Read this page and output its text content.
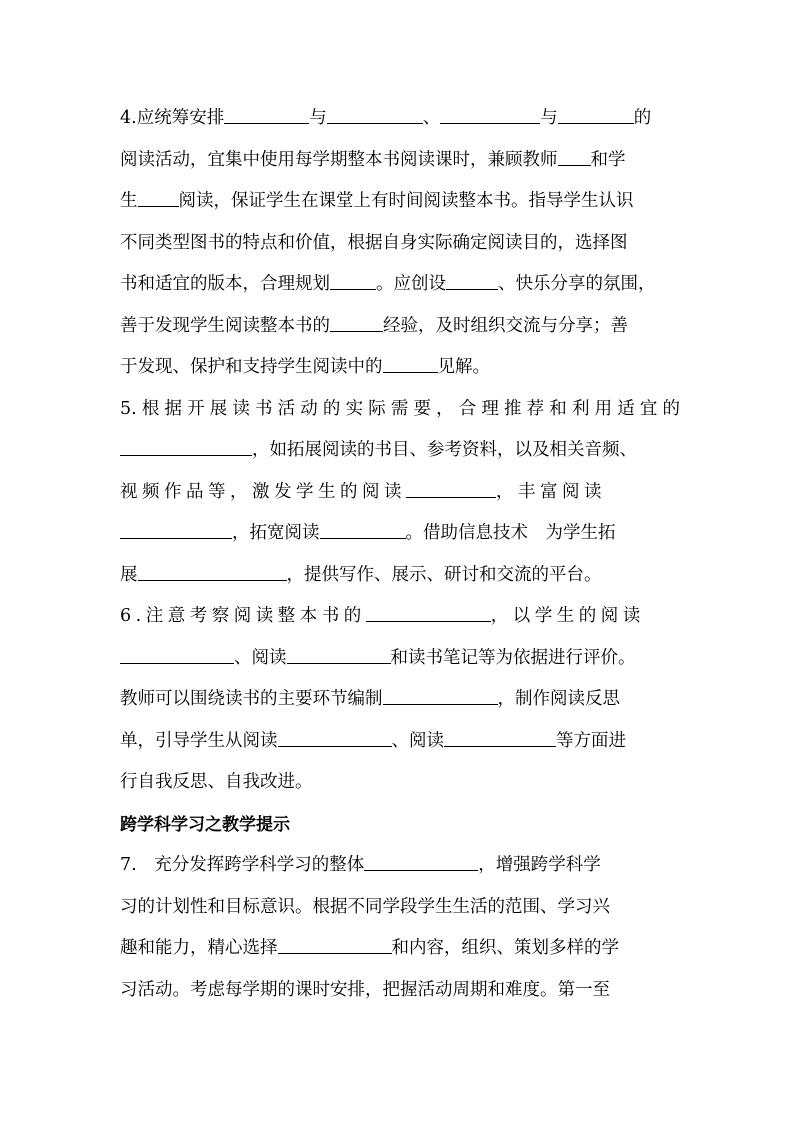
4.应统筹安排	与	、	与	的
阅读活动，宜集中使用每学期整本书阅读课时，兼顾教师 和学
生 阅读，保证学生在课堂上有时间阅读整本书。指导学生认识
不同类型图书的特点和价值，根据自身实际确定阅读目的，选择图
书和适宜的版本，合理规划	。应创设	、快乐分享的氛围，
善于发现学生阅读整本书的	经验，及时组织交流与分享；善
于发现、保护和支持学生阅读中的	见解。
5.根据开展读书活动的实际需要，合理推荐和利用适宜的
，如拓展阅读的书目、参考资料，以及相关音频、
视频作品等，激发学生的阅读	，丰富阅读
，拓宽阅读	。借助信息技术　为学生拓
展	，提供写作、展示、研讨和交流的平台。
6.注意考察阅读整本书的	，以学生的阅读
、阅读	和读书笔记等为依据进行评价。
教师可以围绕读书的主要环节编制	，制作阅读反思
单，引导学生从阅读	、阅读	等方面进
行自我反思、自我改进。
跨学科学习之教学提示
7.　充分发挥跨学科学习的整体	，增强跨学科学
习的计划性和目标意识。根据不同学段学生生活的范围、学习兴
趣和能力，精心选择	和内容，组织、策划多样的学
习活动。考虑每学期的课时安排，把握活动周期和难度。第一至
